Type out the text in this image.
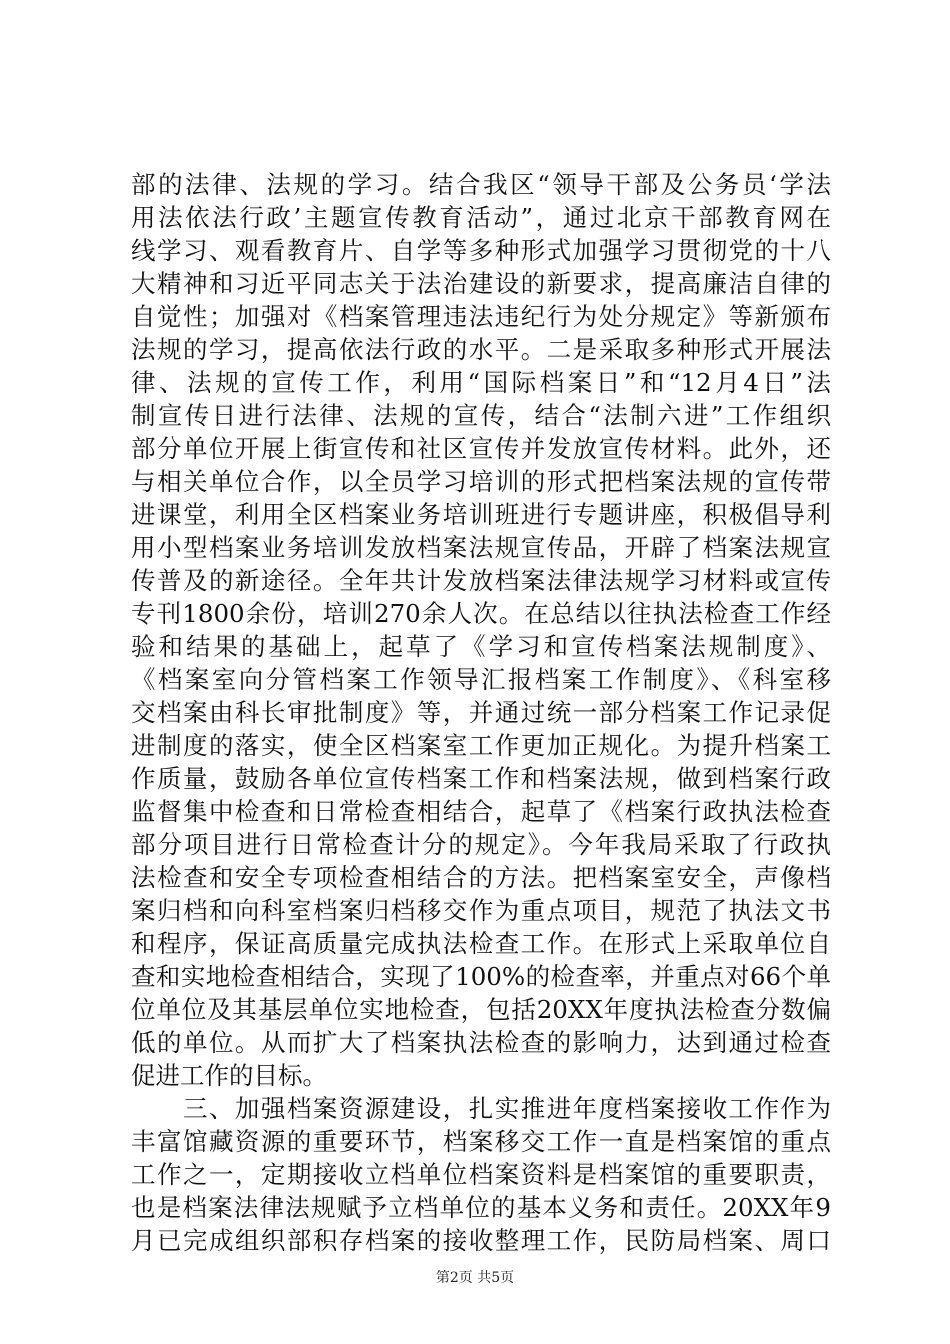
部的法律、法规的学习。结合我区“领导干部及公务员‘学法
用法依法行政’主题宣传教育活动”，通过北京干部教育网在
线学习、观看教育片、自学等多种形式加强学习贯彻党的十八
大精神和习近平同志关于法治建设的新要求，提高廉洁自律的
自觉性；加强对《档案管理违法违纪行为处分规定》等新颁布
法规的学习，提高依法行政的水平。二是采取多种形式开展法
律、法规的宣传工作，利用“国际档案日”和“12月4日”法
制宣传日进行法律、法规的宣传，结合“法制六进”工作组织
部分单位开展上街宣传和社区宣传并发放宣传材料。此外，还
与相关单位合作，以全员学习培训的形式把档案法规的宣传带
进课堂，利用全区档案业务培训班进行专题讲座，积极倡导利
用小型档案业务培训发放档案法规宣传品，开辟了档案法规宣
传普及的新途径。全年共计发放档案法律法规学习材料或宣传
专刊1800余份，培训270余人次。在总结以往执法检查工作经
验和结果的基础上，起草了《学习和宣传档案法规制度》、
《档案室向分管档案工作领导汇报档案工作制度》、《科室移
交档案由科长审批制度》等，并通过统一部分档案工作记录促
进制度的落实，使全区档案室工作更加正规化。为提升档案工
作质量，鼓励各单位宣传档案工作和档案法规，做到档案行政
监督集中检查和日常检查相结合，起草了《档案行政执法检查
部分项目进行日常检查计分的规定》。今年我局采取了行政执
法检查和安全专项检查相结合的方法。把档案室安全，声像档
案归档和向科室档案归档移交作为重点项目，规范了执法文书
和程序，保证高质量完成执法检查工作。在形式上采取单位自
查和实地检查相结合，实现了100%的检查率，并重点对66个单
位单位及其基层单位实地检查，包括20XX年度执法检查分数偏
低的单位。从而扩大了档案执法检查的影响力，达到通过检查
促进工作的目标。
　　三、加强档案资源建设，扎实推进年度档案接收工作作为
丰富馆藏资源的重要环节，档案移交工作一直是档案馆的重点
工作之一，定期接收立档单位档案资料是档案馆的重要职责，
也是档案法律法规赋予立档单位的基本义务和责任。20XX年9
月已完成组织部积存档案的接收整理工作，民防局档案、周口
第2页 共5页
